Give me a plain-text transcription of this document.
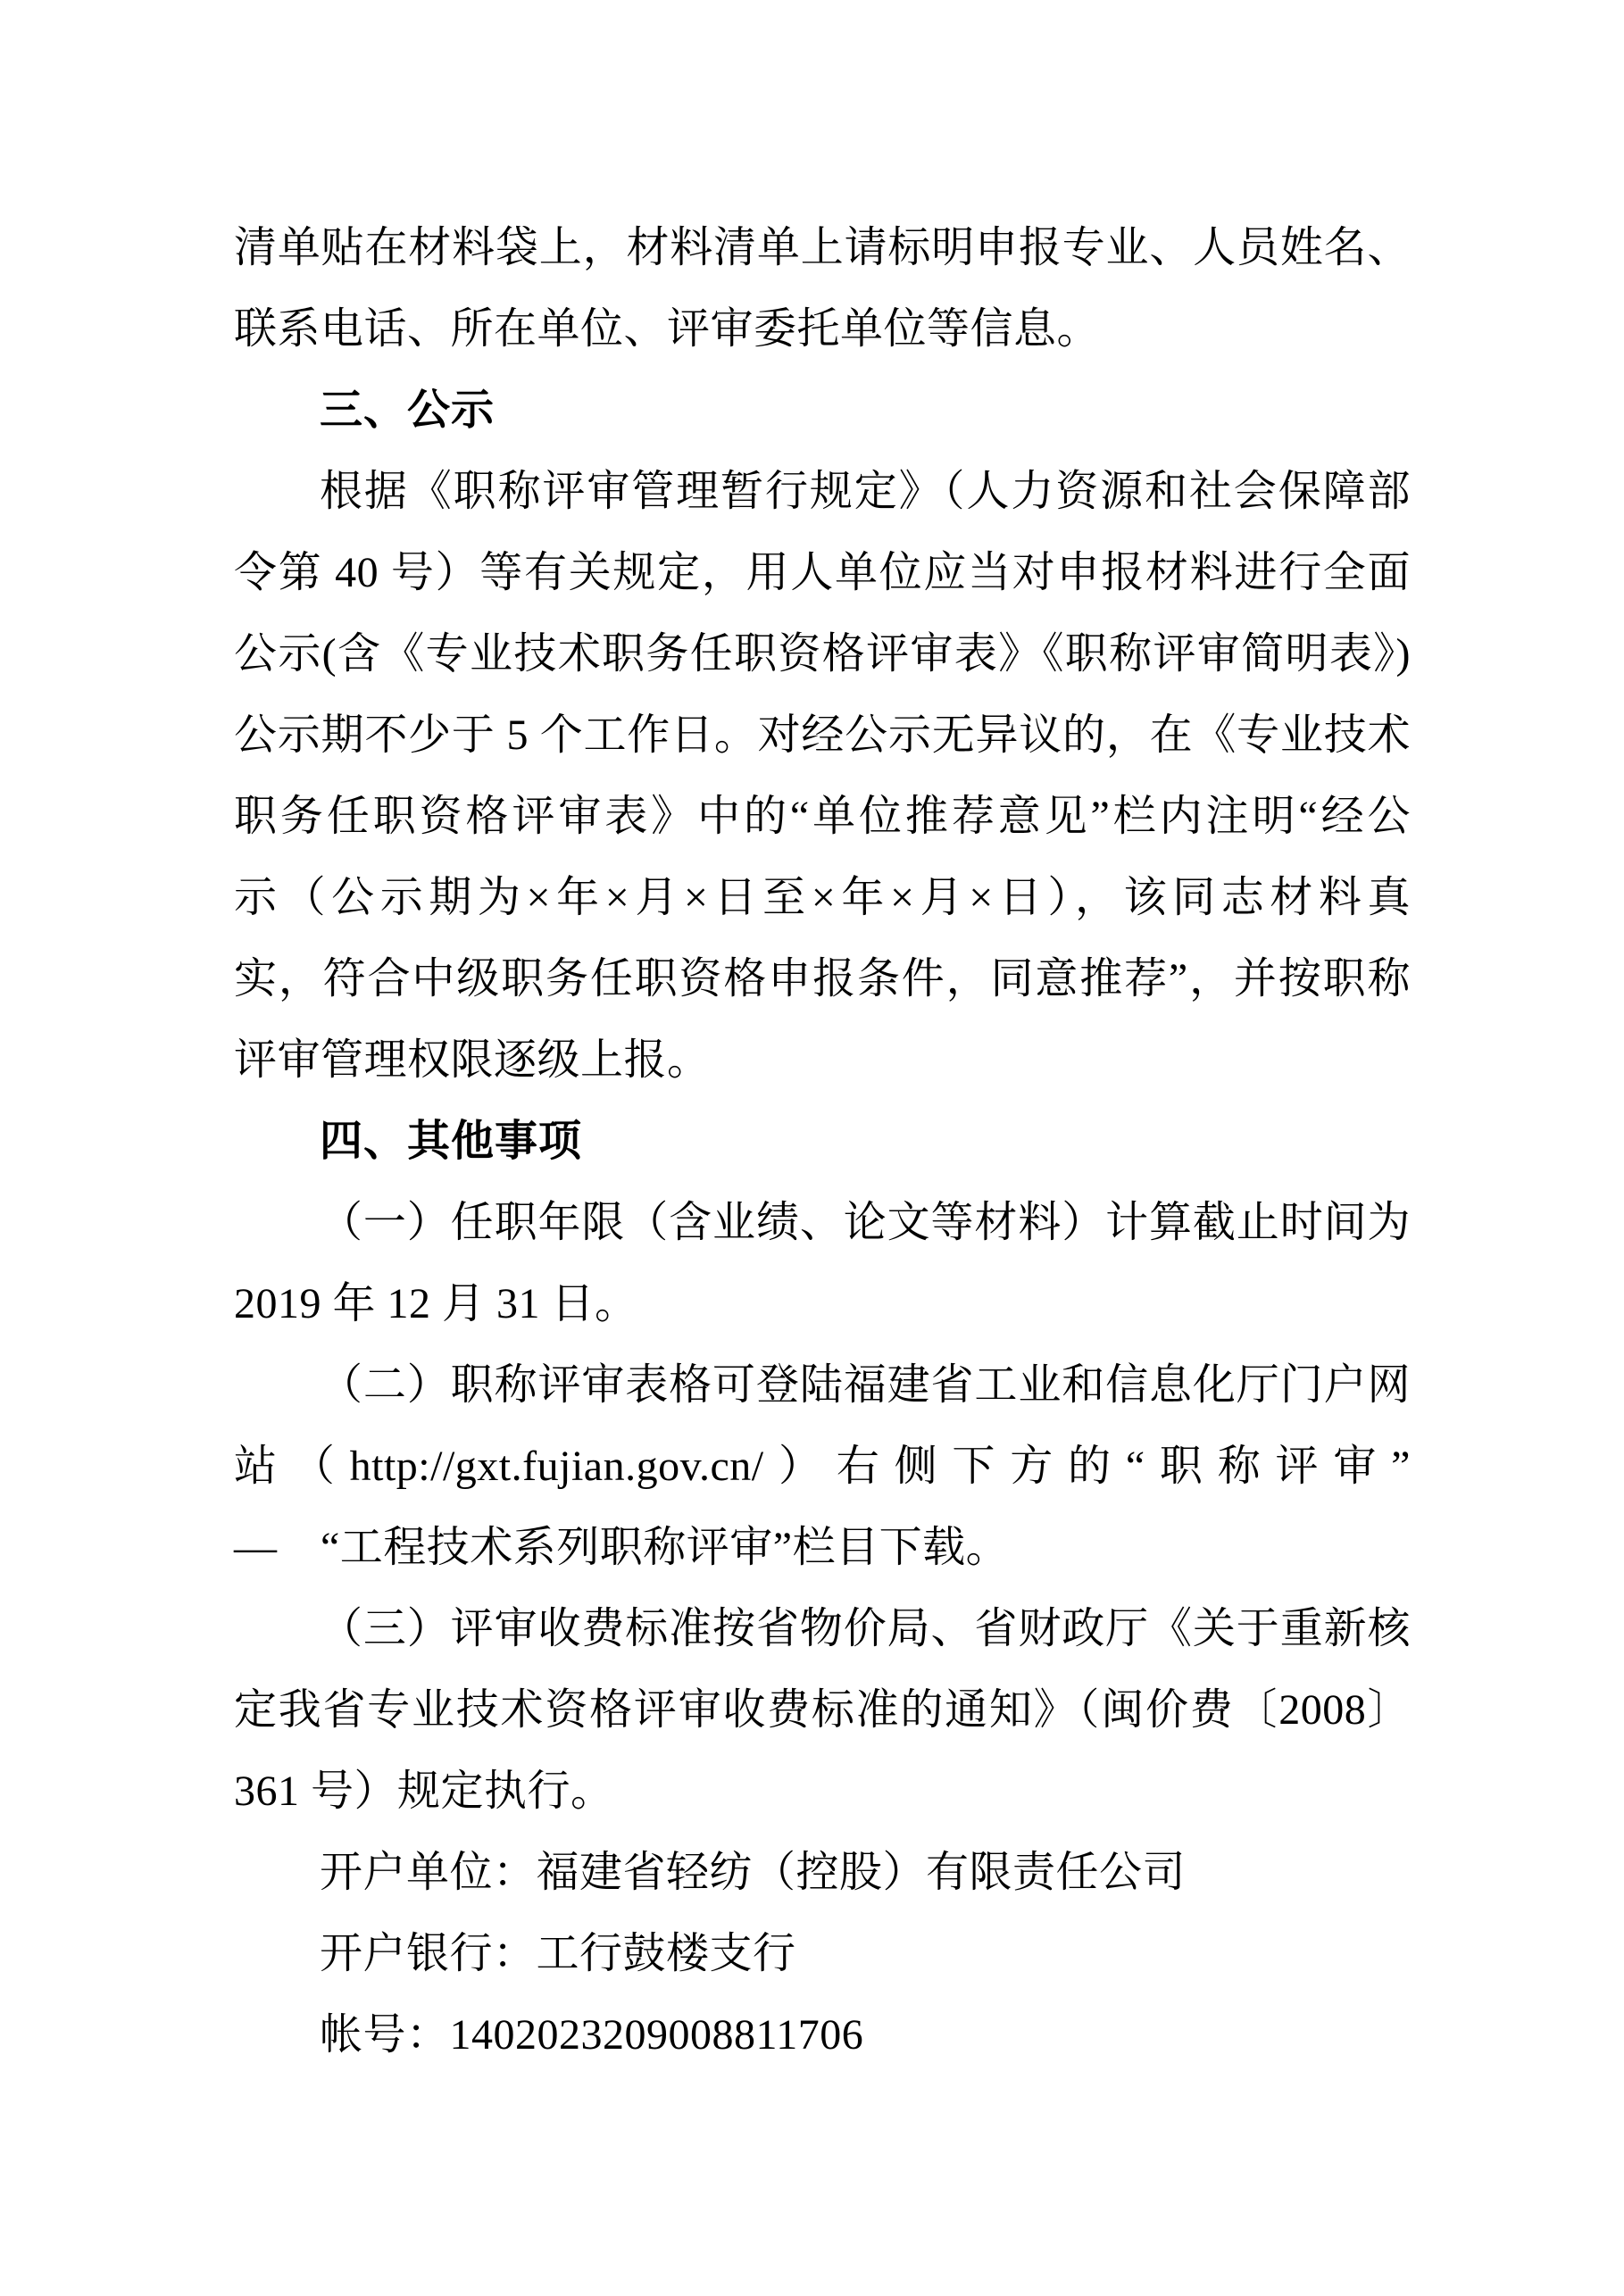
清单贴在材料袋上，材料清单上请标明申报专业、人员姓名、
联系电话、所在单位、评审委托单位等信息。
三、公示
根据《职称评审管理暂行规定》（人力资源和社会保障部
令第 40 号）等有关规定，用人单位应当对申报材料进行全面
公示(含《专业技术职务任职资格评审表》《职称评审简明表》)
公示期不少于 5 个工作日。对经公示无异议的，在《专业技术
职务任职资格评审表》中的“单位推荐意见”栏内注明“经公
示（公示期为×年×月×日至×年×月×日），该同志材料真
实，符合中级职务任职资格申报条件，同意推荐”，并按职称
评审管理权限逐级上报。
四、其他事项
（一）任职年限（含业绩、论文等材料）计算截止时间为
2019 年 12 月 31 日。
（二）职称评审表格可登陆福建省工业和信息化厅门户网
站（http://gxt.fujian.gov.cn/）右侧下方的“职称评审”
—　“工程技术系列职称评审”栏目下载。
（三）评审收费标准按省物价局、省财政厅《关于重新核
定我省专业技术资格评审收费标准的通知》（闽价费〔2008〕
361 号）规定执行。
开户单位：福建省轻纺（控股）有限责任公司
开户银行：工行鼓楼支行
帐号：1402023209008811706
